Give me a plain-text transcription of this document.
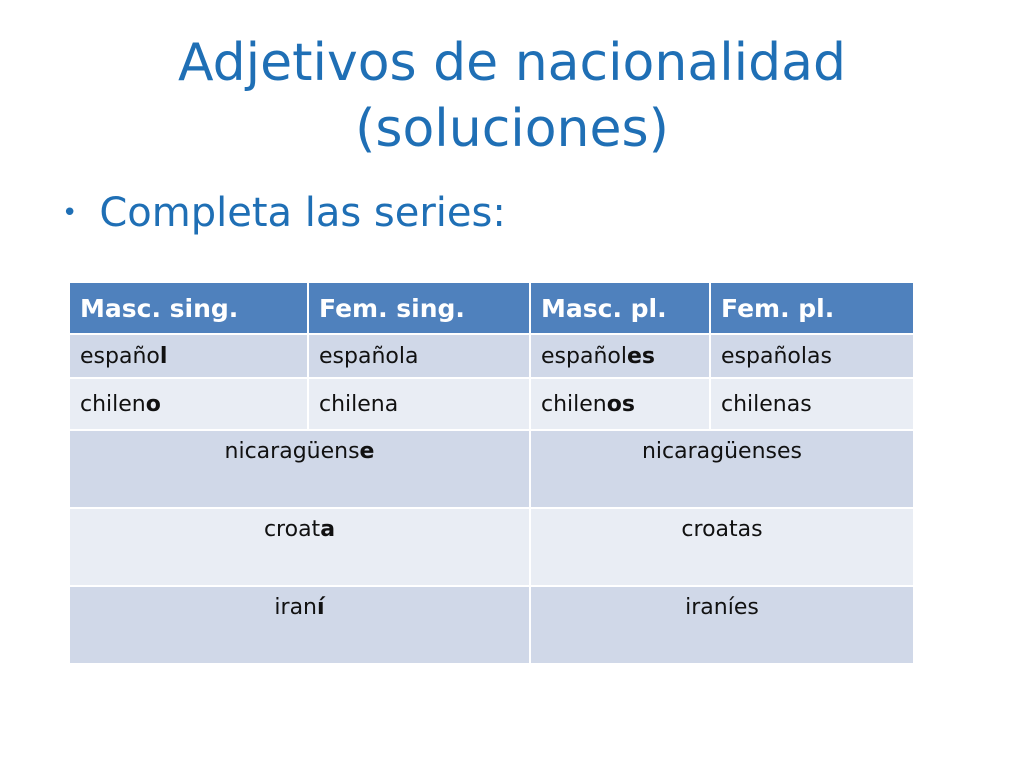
Adjetivos de nacionalidad
(soluciones)
• Completa las series:
Masc. sing.	Fem. sing.	Masc. pl.	Fem. pl.
español	española	españoles	españolas
chileno	chilena	chilenos	chilenas
nicaragüense		nicaragüenses	
croata		croatas	
iraní		iraníes	
